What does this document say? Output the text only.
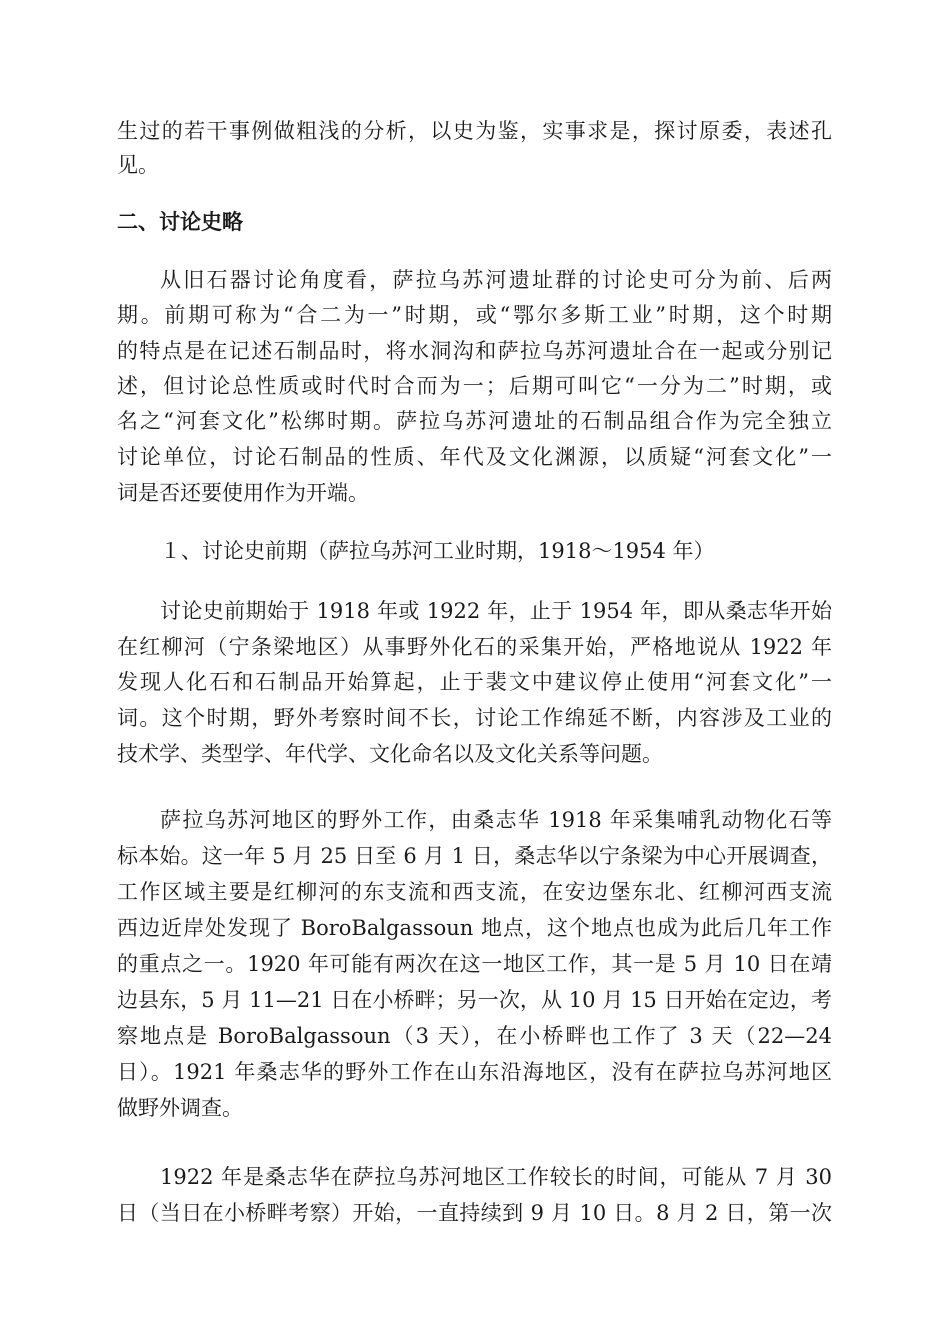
生过的若干事例做粗浅的分析，以史为鉴，实事求是，探讨原委，表述孔
见。
二、讨论史略
从旧石器讨论角度看，萨拉乌苏河遗址群的讨论史可分为前、后两
期。前期可称为“合二为一”时期，或“鄂尔多斯工业”时期，这个时期
的特点是在记述石制品时，将水洞沟和萨拉乌苏河遗址合在一起或分别记
述，但讨论总性质或时代时合而为一；后期可叫它“一分为二”时期，或
名之“河套文化”松绑时期。萨拉乌苏河遗址的石制品组合作为完全独立
讨论单位，讨论石制品的性质、年代及文化渊源，以质疑“河套文化”一
词是否还要使用作为开端。
１、讨论史前期（萨拉乌苏河工业时期，1918～1954 年）
讨论史前期始于 1918 年或 1922 年，止于 1954 年，即从桑志华开始
在红柳河（宁条梁地区）从事野外化石的采集开始，严格地说从 1922 年
发现人化石和石制品开始算起，止于裴文中建议停止使用“河套文化”一
词。这个时期，野外考察时间不长，讨论工作绵延不断，内容涉及工业的
技术学、类型学、年代学、文化命名以及文化关系等问题。
萨拉乌苏河地区的野外工作，由桑志华 1918 年采集哺乳动物化石等
标本始。这一年 5 月 25 日至 6 月 1 日，桑志华以宁条梁为中心开展调查，
工作区域主要是红柳河的东支流和西支流，在安边堡东北、红柳河西支流
西边近岸处发现了 BoroBalgassoun 地点，这个地点也成为此后几年工作
的重点之一。1920 年可能有两次在这一地区工作，其一是 5 月 10 日在靖
边县东，5 月 11—21 日在小桥畔；另一次，从 10 月 15 日开始在定边，考
察地点是 BoroBalgassoun（3 天），在小桥畔也工作了 3 天（22—24
日）。1921 年桑志华的野外工作在山东沿海地区，没有在萨拉乌苏河地区
做野外调查。
1922 年是桑志华在萨拉乌苏河地区工作较长的时间，可能从 7 月 30
日（当日在小桥畔考察）开始，一直持续到 9 月 10 日。8 月 2 日，第一次
